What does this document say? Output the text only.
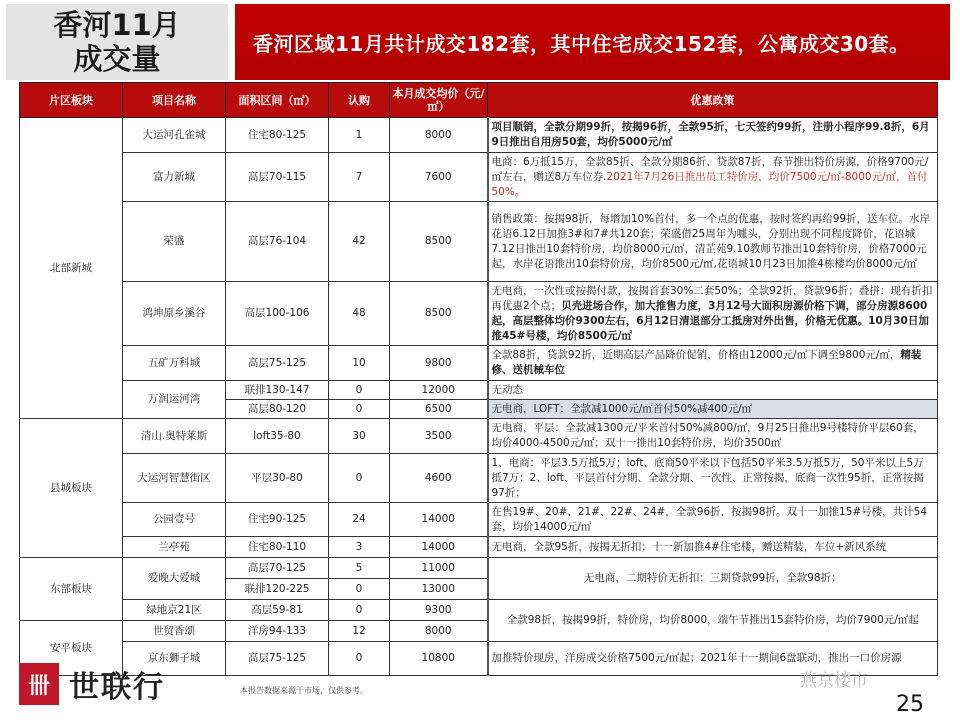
香河11月
成交量	香河区域11月共计成交182套，其中住宅成交152套，公寓成交30套。
片区板块	项目名称	面积区间（㎡）	认购	本月成交均价（元/㎡）	优惠政策
北部新城	大运河孔雀城	住宅80-125	1	8000	项目顺销，全款分期99折，按揭96折，全款95折，七天签约99折，注册小程序99.8折，6月9日推出自用房50套，均价5000元/㎡
	富力新城	高层70-115	7	7600	电商：6万抵15万，全款85折、全款分期86折、贷款87折，春节推出特价房源，价格9700元/㎡左右，赠送8万车位券.2021年7月26日推出员工特价房，均价7500元/㎡-8000元/㎡，首付50%。
	荣盛	高层76-104	42	8500	销售政策：按揭98折，每增加10%首付，多一个点的优惠，按时签约再给99折，送车位。水岸花语6.12日加推3#和7#共120套；荣盛借25周年为噱头，分别出现不同程度降价，花语城7.12日推出10套特价房，均价8000元/㎡，清芷苑9.10教师节推出10套特价房，价格7000元起，水岸花语推出10套特价房，均价8500元/㎡,花语城10月23日加推4栋楼均价8000元/㎡
	鸿坤原乡溪谷	高层100-106	48	8500	无电商，一次性或按揭付款，按揭首套30%二套50%；全款92折，贷款96折；叠拼：现有折扣再优惠2个点；贝壳进场合作，加大推售力度，3月12号大面积房源价格下调，部分房源8600起，高层整体均价9300左右，6月12日清退部分工抵房对外出售，价格无优惠。10月30日加推45#号楼，均价8500元/㎡
	五矿万科城	高层75-125	10	9800	全款88折，贷款92折，近期高层产品降价促销，价格由12000元/㎡下调至9800元/㎡，精装修、送机械车位
	万润运河湾	联排130-147	0	12000	无动态
		高层80-120	0	6500	无电商，LOFT：全款减1000元/㎡首付50%减400元/㎡
县城板块	清山.奥特莱斯	loft35-80	30	3500	无电商，平层：全款减1300元/平米首付50%减800/㎡，9月25日推出9号楼特价平层60套，均价4000-4500元/㎡；双十一推出10套特价房，均价3500㎡
	大运河智慧街区	平层30-80	0	4600	1、电商：平层3.5万抵5万；loft、底商50平米以下包括50平米3.5万抵5万，50平米以上5万抵7万；2、loft、平层首付分期、全款分期、一次性、正常按揭，底商一次性95折，正常按揭97折；
	公园壹号	住宅90-125	24	14000	在售19#、20#、21#、22#、24#，全款96折，按揭98折。双十一加推15#号楼，共计54套，均价14000元/㎡
	兰亭苑	住宅80-110	3	14000	无电商，全款95折，按揭无折扣；十一新加推4#住宅楼，赠送精装，车位+新风系统
东部板块	爱晚大爱城	高层70-125	5	11000	无电商，二期特价无折扣；三期贷款99折，全款98折；
		联排120-225	0	13000	
	绿地京21区	高层59-81	0	9300	全款98折，按揭99折，特价房，均价8000，端午节推出15套特价房，均价7900元/㎡起
安平板块	世贸香颂	洋房94-133	12	8000	
	京东狮子城	高层75-125	0	10800	加推特价现房，洋房成交价格7500元/㎡起；2021年十一期间6盘联动，推出一口价房源
卌 世联行	本报告数据来源于市场，仅供参考。	燕京楼市
25
